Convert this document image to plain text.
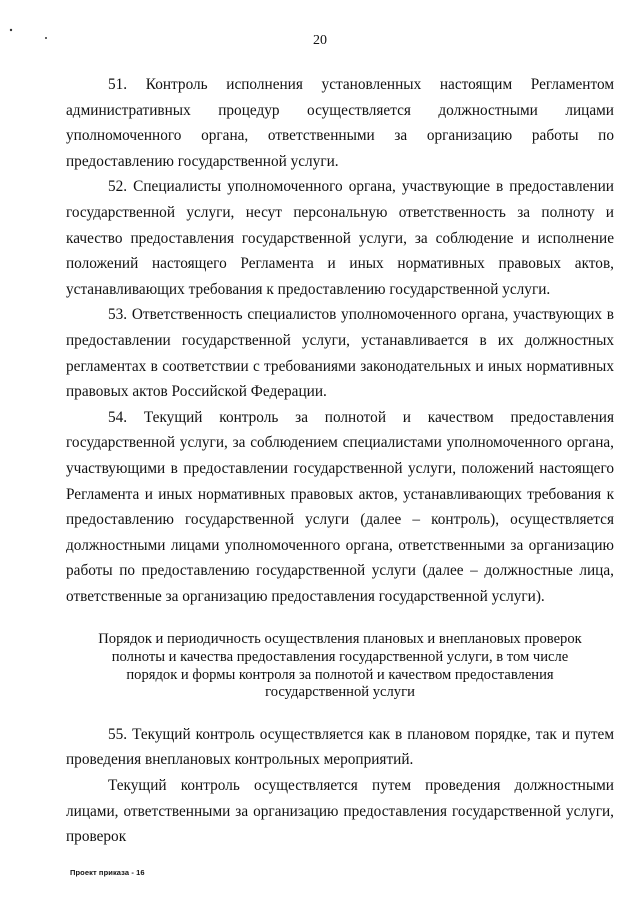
20

51. Контроль исполнения установленных настоящим Регламентом административных процедур осуществляется должностными лицами уполномоченного органа, ответственными за организацию работы по предоставлению государственной услуги.

52. Специалисты уполномоченного органа, участвующие в предоставлении государственной услуги, несут персональную ответственность за полноту и качество предоставления государственной услуги, за соблюдение и исполнение положений настоящего Регламента и иных нормативных правовых актов, устанавливающих требования к предоставлению государственной услуги.

53. Ответственность специалистов уполномоченного органа, участвующих в предоставлении государственной услуги, устанавливается в их должностных регламентах в соответствии с требованиями законодательных и иных нормативных правовых актов Российской Федерации.

54. Текущий контроль за полнотой и качеством предоставления государственной услуги, за соблюдением специалистами уполномоченного органа, участвующими в предоставлении государственной услуги, положений настоящего Регламента и иных нормативных правовых актов, устанавливающих требования к предоставлению государственной услуги (далее – контроль), осуществляется должностными лицами уполномоченного органа, ответственными за организацию работы по предоставлению государственной услуги (далее – должностные лица, ответственные за организацию предоставления государственной услуги).

Порядок и периодичность осуществления плановых и внеплановых проверок полноты и качества предоставления государственной услуги, в том числе порядок и формы контроля за полнотой и качеством предоставления государственной услуги

55. Текущий контроль осуществляется как в плановом порядке, так и путем проведения внеплановых контрольных мероприятий.

Текущий контроль осуществляется путем проведения должностными лицами, ответственными за организацию предоставления государственной услуги, проверок

Проект приказа - 16
